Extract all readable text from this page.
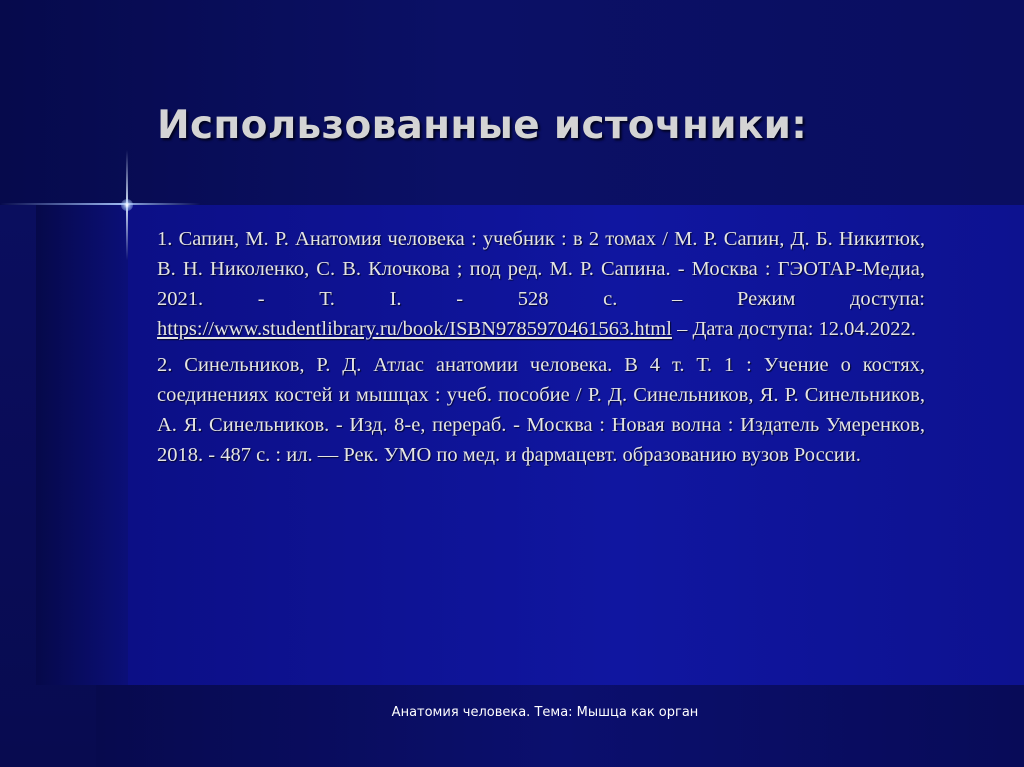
Использованные источники:

1. Сапин, М. Р. Анатомия человека : учебник : в 2 томах / М. Р. Сапин, Д. Б. Никитюк, В. Н. Николенко, С. В. Клочкова ; под ред. М. Р. Сапина. - Москва : ГЭОТАР-Медиа, 2021. - Т. I. - 528 с. – Режим доступа: https://www.studentlibrary.ru/book/ISBN9785970461563.html – Дата доступа: 12.04.2022.

2. Синельников, Р. Д. Атлас анатомии человека. В 4 т. Т. 1 : Учение о костях, соединениях костей и мышцах : учеб. пособие / Р. Д. Синельников, Я. Р. Синельников, А. Я. Синельников. - Изд. 8-е, перераб. - Москва : Новая волна : Издатель Умеренков, 2018. - 487 с. : ил. — Рек. УМО по мед. и фармацевт. образованию вузов России.

Анатомия человека. Тема: Мышца как орган
